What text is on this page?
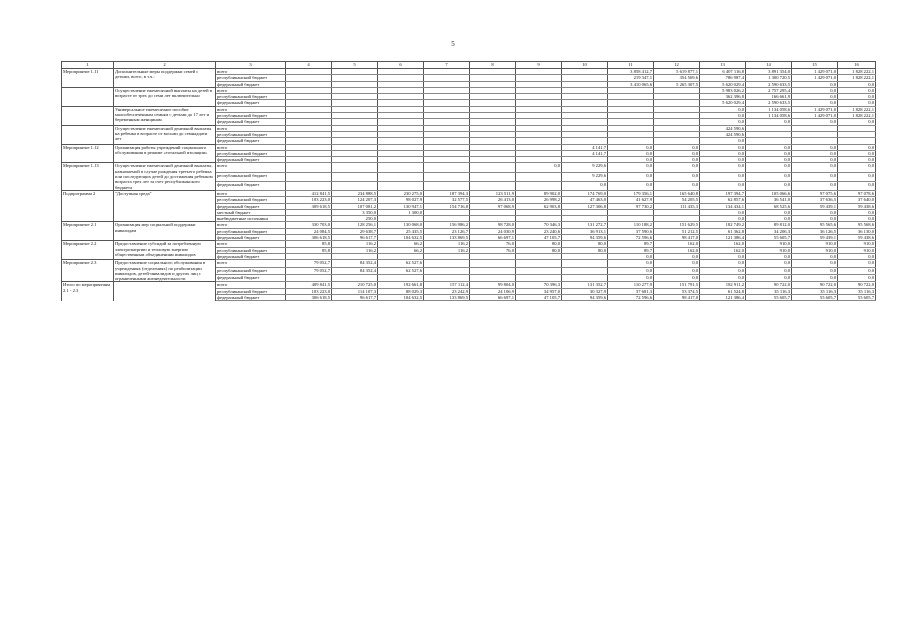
5
1	2	3	4	5	6	7	8	9	10	11	12	13	14	15	16
Мероприятие 1.11	Дополнительные меры поддержки семей с детьми, всего, в т.ч.:	всего								3 858 412,7	5 619 877,1	6 407 116,8	3 891 354,0	1 429 071,0	1 828 222,1
		республиканский бюджет								219 347,1	354 569,6	786 987,4	1 300 720,5	1 429 071,0	1 828 222,1
		федеральный бюджет								3 410 065,6	5 265 307,5	5 620 029,4	2 590 633,5	0,0	0,0
	Осуществление ежемесячной выплаты на детей в возрасте от трех до семи лет включительно	всего										5 983 026,2	2 757 295,4	0,0	0,0
		республиканский бюджет										362 396,8	166 661,9	0,0	0,0
		федеральный бюджет										5 620 029,4	2 590 633,5	0,0	0,0
	Универсальное ежемесячное пособие малообеспеченным семьям с детьми до 17 лет и беременным женщинам	всего										0,0	1 134 058,6	1 429 071,0	1 828 222,1
		республиканский бюджет										0,0	1 134 058,6	1 429 071,0	1 828 222,1
		федеральный бюджет										0,0	0,0	0,0	0,0
	Осуществление ежемесячной денежной выплаты на ребенка в возрасте от восьми до семнадцати лет	всего										424 590,6			
		республиканский бюджет										424 590,6			
		федеральный бюджет										0,0			
Мероприятие 1.12	Организация работы учреждений социального обслуживания в режиме «тотальной изоляции»	всего							4 141,7	0,0	0,0	0,0	0,0	0,0	0,0
		республиканский бюджет							4 141,7	0,0	0,0	0,0	0,0	0,0	0,0
		федеральный бюджет								0,0	0,0	0,0	0,0	0,0	0,0
Мероприятие 1.13	Осуществление ежемесячной денежной выплаты, назначаемой в случае рождения третьего ребенка или последующих детей до достижения ребенком возраста трех лет за счет республиканского бюджета	всего						0,0	9 229,6	0,0	0,0	0,0	0,0	0,0	0,0
		республиканский бюджет							9 229,6	0,0	0,0	0,0	0,0	0,0	0,0
		федеральный бюджет							0,0	0,0	0,0	0,0	0,0	0,0	0,0
Подпрограмма 2	"Доступная среда"	всего	412 841,5	234 888,5	230 275,0	187 394,3	123 511,9	89 902,0	174 769,0	179 356,1	165 640,8	197 394,7	105 066,6	97 075,6	97 078,6
		республиканский бюджет	103 223,0	124 207,3	98 027,9	32 577,5	26 413,0	26 998,2	47 463,0	41 627,9	54 205,5	62 857,6	36 541,0	37 636,5	37 640,0
		федеральный бюджет	309 618,5	107 081,2	130 947,1	154 716,8	97 068,9	62 903,8	127 306,8	97 730,2	111 435,3	134 434,1	68 525,6	59 439,1	59 438,6
		местный бюджет		3 350,0	1 300,0							0,0	0,0	0,0	0,0
		внебюджетные источники		250,0								0,0	0,0	0,0	0,0
Мероприятие 2.1	Организация мер социальной поддержки инвалидам	всего	330 703,0	128 256,1	130 068,0	156 986,2	98 728,0	70 346,3	131 272,7	110 188,2	151 629,5	182 749,2	89 812,0	95 565,6	95 568,6
		республиканский бюджет	24 084,5	29 638,7	25 435,5	23 126,7	24 030,9	23 240,6	36 913,1	37 590,6	51 212,5	61 362,8	34 206,3	36 126,5	36 130,0
		федеральный бюджет	306 618,5	96 617,7	104 632,5	133 869,5	66 697,1	47 105,7	94 359,6	72 596,6	98 417,0	121 386,4	55 605,7	59 439,1	59 438,6
Мероприятие 2.2	Предоставление субсидий за потребленную электроэнергию и тепловую энергию общественным объединениям инвалидов	всего	85,8	116,2	66,2	116,2	76,0	80,0	80,0	89,7	162,0	162,0	910,0	910,0	910,0
		республиканский бюджет	85,8	116,2	66,2	116,2	76,0	80,0	80,0	89,7	162,0	162,0	910,0	910,0	910,0
		федеральный бюджет								0,0	0,0	0,0	0,0	0,0	0,0
Мероприятие 2.3	Предоставление социального обслуживания в учреждениях (отделениях) по реабилитации инвалидов, детей-инвалидов и других лиц с ограниченными жизнедеятельности	всего	79 052,7	84 352,4	62 527,6					0,0	0,0	0,0	0,0	0,0	0,0
		республиканский бюджет	79 052,7	84 352,4	62 527,6					0,0	0,0	0,0	0,0	0,0	0,0
		федеральный бюджет								0,0	0,0	0,0	0,0	0,0	0,0
Итого по мероприятиям 2.1 - 2.3		всего	409 841,5	210 725,0	192 661,8	157 112,4	99 804,0	70 396,3	131 352,7	110 277,9	151 791,5	182 911,2	90 722,0	90 722,0	90 722,0
		республиканский бюджет	103 223,0	114 107,3	88 029,3	23 242,9	24 106,9	34 957,0	30 327,9	37 681,3	53 374,5	61 524,8	35 116,3	35 116,3	35 116,3
		федеральный бюджет	306 618,5	96 617,7	104 632,5	133 869,5	66 697,1	47 105,7	94 359,6	72 596,6	98 417,0	121 386,4	55 605,7	55 605,7	55 605,7
